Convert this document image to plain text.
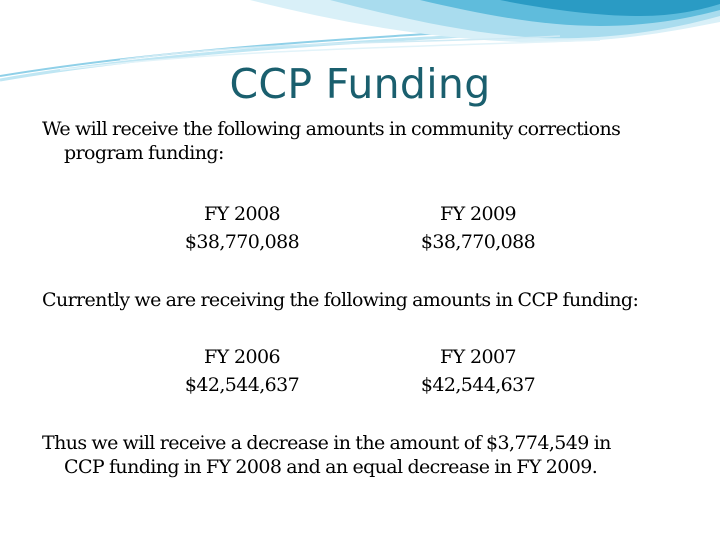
CCP Funding
We will receive the following amounts in community corrections
program funding:
FY 2008
$38,770,088
FY 2009
$38,770,088
Currently we are receiving the following amounts in CCP funding:
FY 2006
$42,544,637
FY 2007
$42,544,637
Thus we will receive a decrease in the amount of $3,774,549 in
CCP funding in FY 2008 and an equal decrease in FY 2009.
